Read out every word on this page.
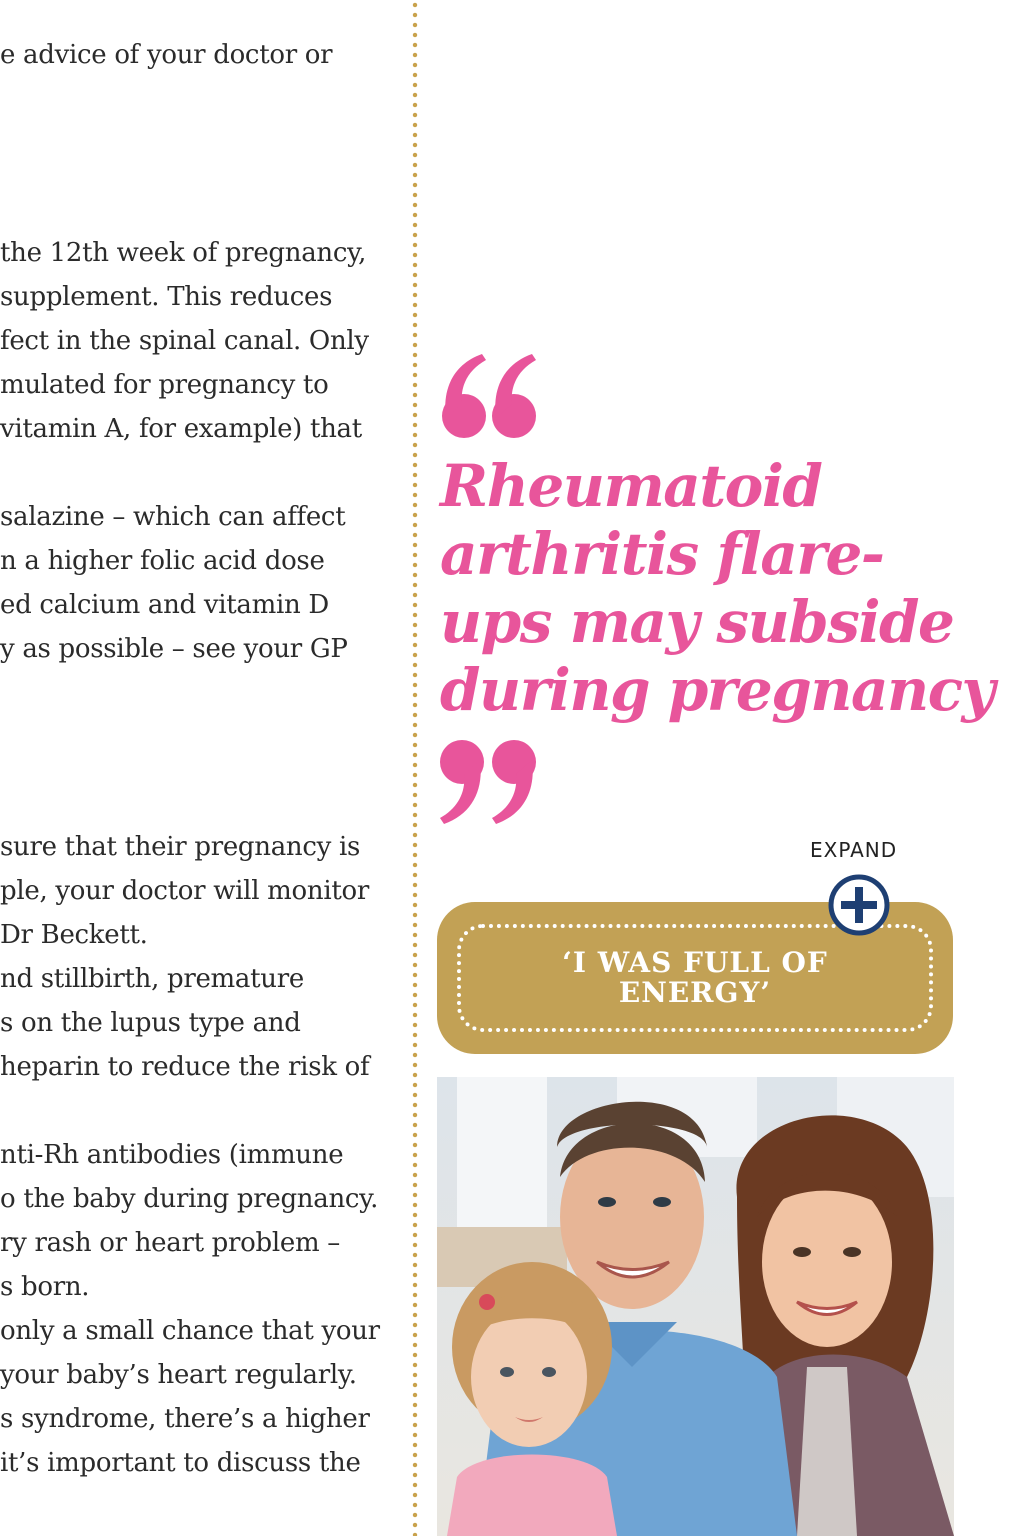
e advice of your doctor or
the 12th week of pregnancy,
supplement. This reduces
fect in the spinal canal. Only
mulated for pregnancy to
vitamin A, for example) that
salazine – which can affect
n a higher folic acid dose
ed calcium and vitamin D
y as possible – see your GP
sure that their pregnancy is
ple, your doctor will monitor
Dr Beckett.
nd stillbirth, premature
s on the lupus type and
heparin to reduce the risk of
nti-Rh antibodies (immune
o the baby during pregnancy.
ry rash or heart problem –
s born.
only a small chance that your
your baby’s heart regularly.
s syndrome, there’s a higher
it’s important to discuss the
Rheumatoid
arthritis flare-
ups may subside
during pregnancy
EXPAND
‘I WAS FULL OF ENERGY’
